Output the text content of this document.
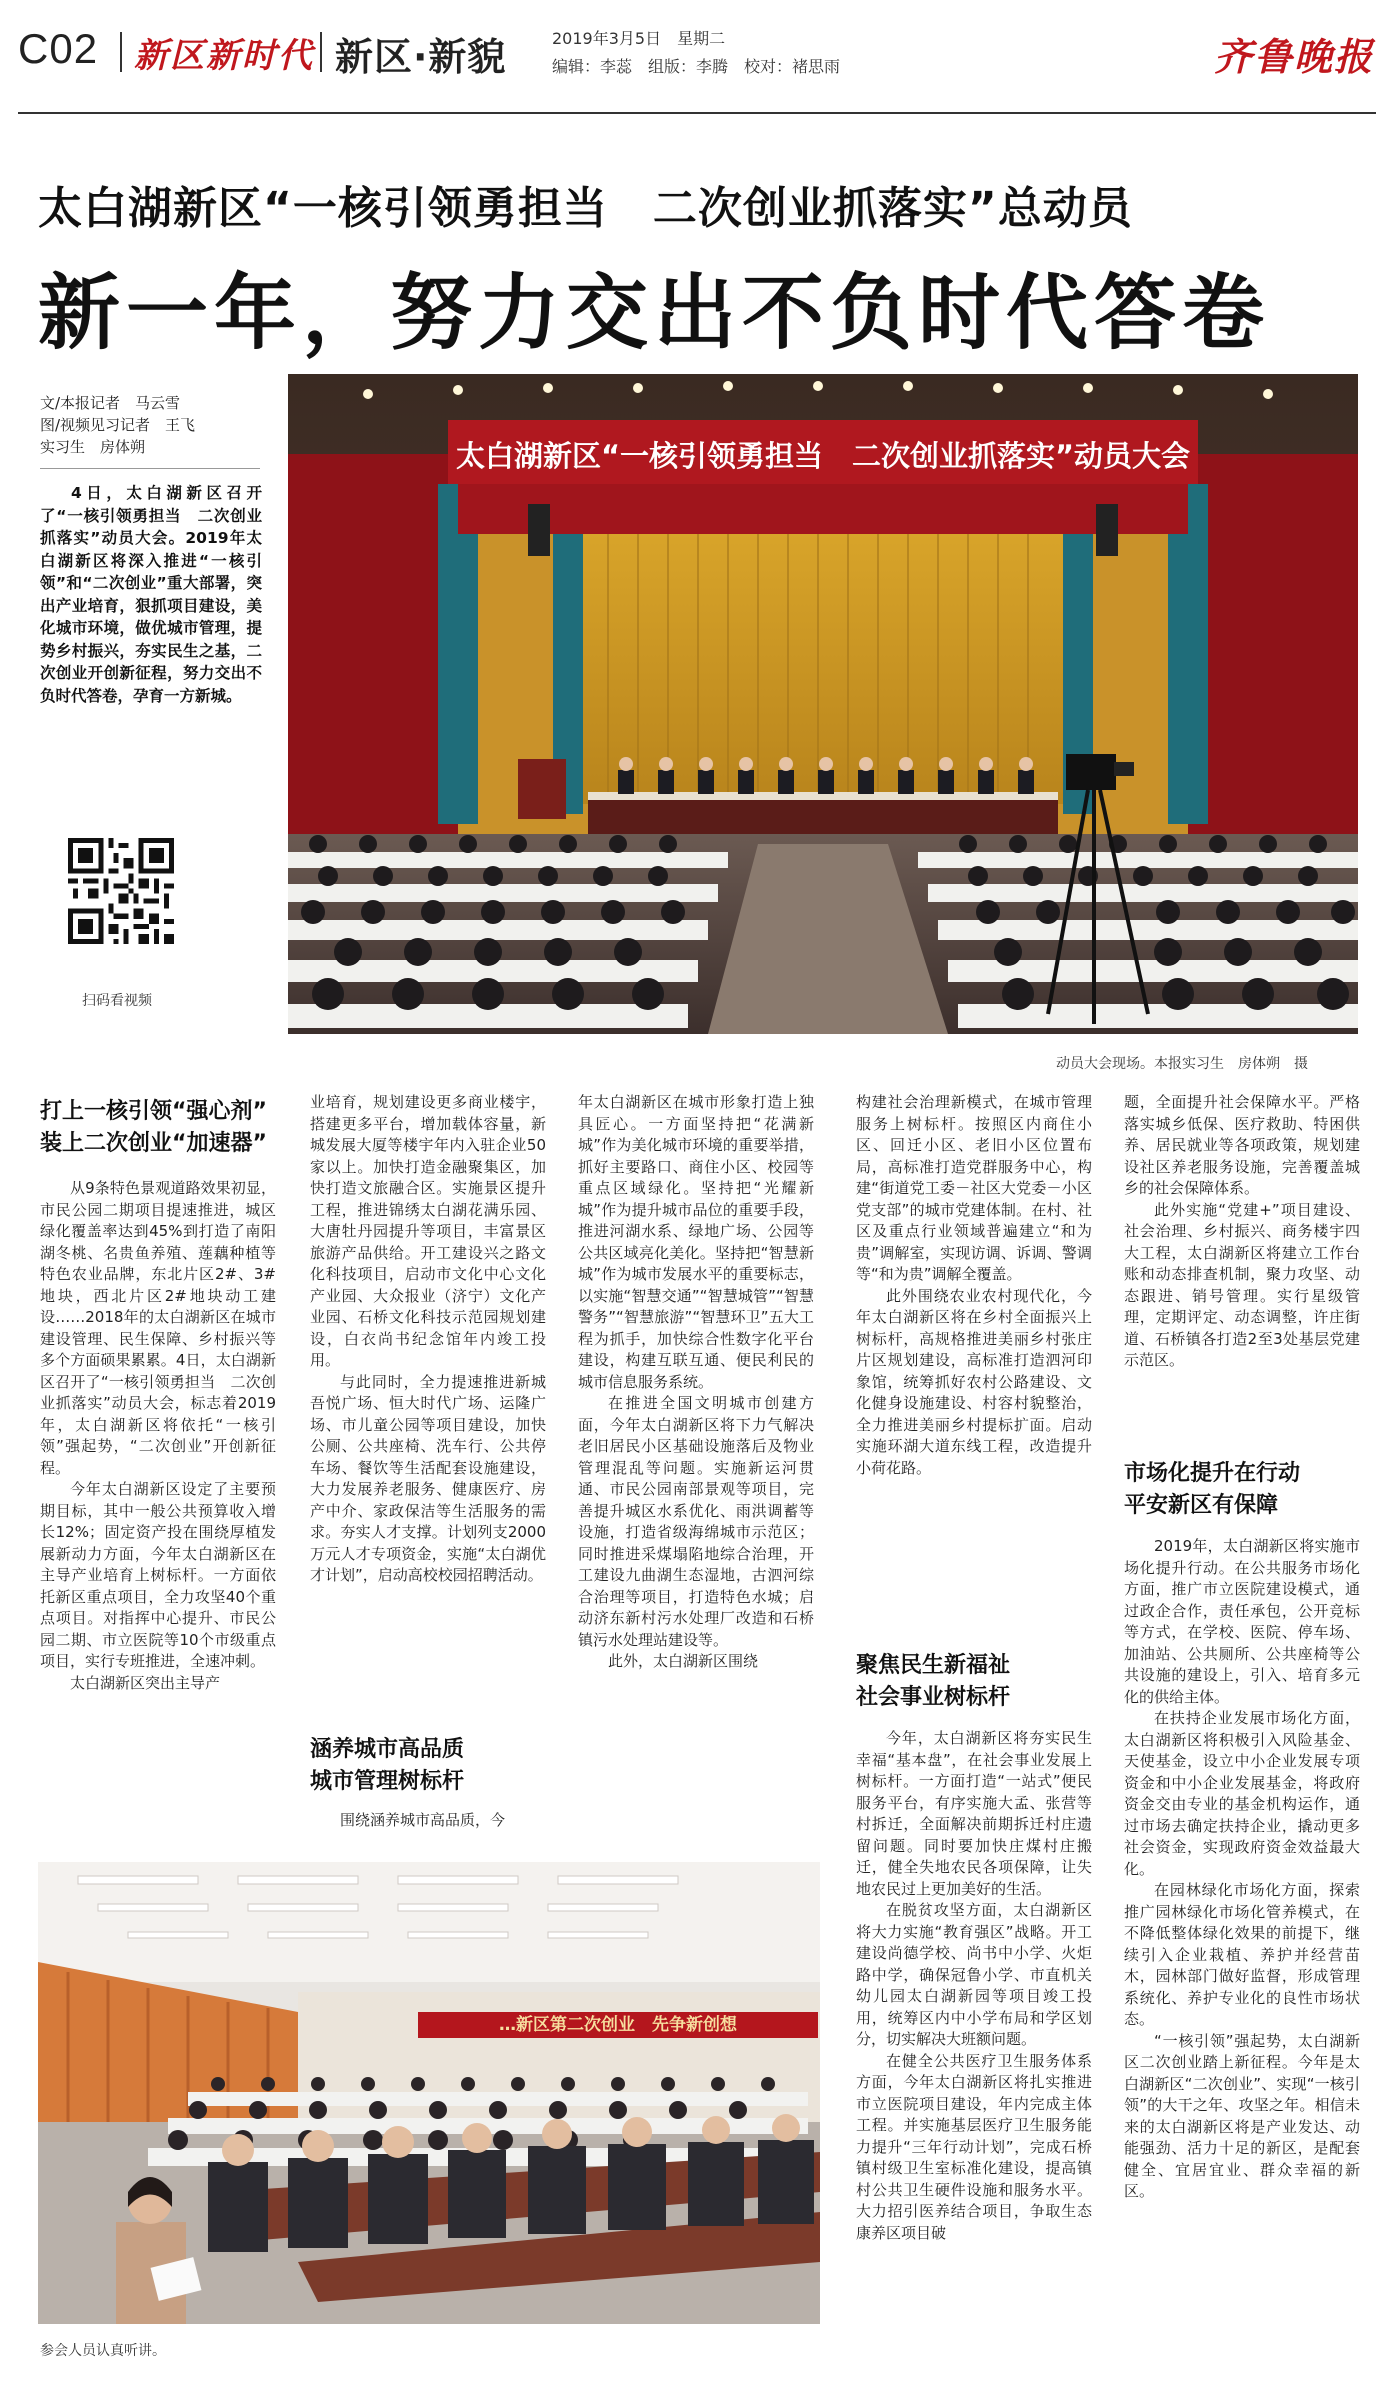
C02 新区新时代 新区·新貌	2019年3月5日　星期二
编辑：李蕊　组版：李腾　校对：褚思雨	齐鲁晚报
太白湖新区“一核引领勇担当　二次创业抓落实”总动员
新一年，努力交出不负时代答卷
文/本报记者　马云雪
图/视频见习记者　王飞
实习生　房体朔
4日，太白湖新区召开了“一核引领勇担当　二次创业抓落实”动员大会。2019年太白湖新区将深入推进“一核引领”和“二次创业”重大部署，突出产业培育，狠抓项目建设，美化城市环境，做优城市管理，提势乡村振兴，夯实民生之基，二次创业开创新征程，努力交出不负时代答卷，孕育一方新城。
扫码看视频
太白湖新区“一核引领勇担当　二次创业抓落实”动员大会
动员大会现场。本报实习生　房体朔　摄
打上一核引领“强心剂”
装上二次创业“加速器”

从9条特色景观道路效果初显，市民公园二期项目提速推进，城区绿化覆盖率达到45%到打造了南阳湖冬桃、名贵鱼养殖、莲藕种植等特色农业品牌，东北片区2#、3#地块，西北片区2#地块动工建设……2018年的太白湖新区在城市建设管理、民生保障、乡村振兴等多个方面硕果累累。4日，太白湖新区召开了“一核引领勇担当　二次创业抓落实”动员大会，标志着2019年，太白湖新区将依托“一核引领”强起势，“二次创业”开创新征程。

今年太白湖新区设定了主要预期目标，其中一般公共预算收入增长12%；固定资产投在围绕厚植发展新动力方面，今年太白湖新区在主导产业培育上树标杆。一方面依托新区重点项目，全力攻坚40个重点项目。对指挥中心提升、市民公园二期、市立医院等10个市级重点项目，实行专班推进，全速冲刺。

太白湖新区突出主导产

业培育，规划建设更多商业楼宇，搭建更多平台，增加载体容量，新城发展大厦等楼宇年内入驻企业50家以上。加快打造金融聚集区，加快打造文旅融合区。实施景区提升工程，推进锦绣太白湖花满乐园、大唐牡丹园提升等项目，丰富景区旅游产品供给。开工建设兴之路文化科技项目，启动市文化中心文化产业园、大众报业（济宁）文化产业园、石桥文化科技示范园规划建设，白衣尚书纪念馆年内竣工投用。

与此同时，全力提速推进新城吾悦广场、恒大时代广场、运隆广场、市儿童公园等项目建设，加快公厕、公共座椅、洗车行、公共停车场、餐饮等生活配套设施建设，大力发展养老服务、健康医疗、房产中介、家政保洁等生活服务的需求。夯实人才支撑。计划列支2000万元人才专项资金，实施“太白湖优才计划”，启动高校校园招聘活动。

涵养城市高品质
城市管理树标杆

围绕涵养城市高品质，今

年太白湖新区在城市形象打造上独具匠心。一方面坚持把“花满新城”作为美化城市环境的重要举措，抓好主要路口、商住小区、校园等重点区域绿化。坚持把“光耀新城”作为提升城市品位的重要手段，推进河湖水系、绿地广场、公园等公共区域亮化美化。坚持把“智慧新城”作为城市发展水平的重要标志，以实施“智慧交通”“智慧城管”“智慧警务”“智慧旅游”“智慧环卫”五大工程为抓手，加快综合性数字化平台建设，构建互联互通、便民利民的城市信息服务系统。

在推进全国文明城市创建方面，今年太白湖新区将下力气解决老旧居民小区基础设施落后及物业管理混乱等问题。实施新运河贯通、市民公园南部景观等项目，完善提升城区水系优化、雨洪调蓄等设施，打造省级海绵城市示范区；同时推进采煤塌陷地综合治理，开工建设九曲湖生态湿地，古泗河综合治理等项目，打造特色水城；启动济东新村污水处理厂改造和石桥镇污水处理站建设等。

此外，太白湖新区围绕

…新区第二次创业　先争新创想
参会人员认真听讲。

构建社会治理新模式，在城市管理服务上树标杆。按照区内商住小区、回迁小区、老旧小区位置布局，高标准打造党群服务中心，构建“街道党工委－社区大党委－小区党支部”的城市党建体制。在村、社区及重点行业领域普遍建立“和为贵”调解室，实现访调、诉调、警调等“和为贵”调解全覆盖。

此外围绕农业农村现代化，今年太白湖新区将在乡村全面振兴上树标杆，高规格推进美丽乡村张庄片区规划建设，高标准打造泗河印象馆，统筹抓好农村公路建设、文化健身设施建设、村容村貌整治，全力推进美丽乡村提标扩面。启动实施环湖大道东线工程，改造提升小荷花路。

聚焦民生新福祉
社会事业树标杆

今年，太白湖新区将夯实民生幸福“基本盘”，在社会事业发展上树标杆。一方面打造“一站式”便民服务平台，有序实施大孟、张营等村拆迁，全面解决前期拆迁村庄遗留问题。同时要加快庄煤村庄搬迁，健全失地农民各项保障，让失地农民过上更加美好的生活。

在脱贫攻坚方面，太白湖新区将大力实施“教育强区”战略。开工建设尚德学校、尚书中小学、火炬路中学，确保冠鲁小学、市直机关幼儿园太白湖新园等项目竣工投用，统筹区内中小学布局和学区划分，切实解决大班额问题。

在健全公共医疗卫生服务体系方面，今年太白湖新区将扎实推进市立医院项目建设，年内完成主体工程。并实施基层医疗卫生服务能力提升“三年行动计划”，完成石桥镇村级卫生室标准化建设，提高镇村公共卫生硬件设施和服务水平。大力招引医养结合项目，争取生态康养区项目破

题，全面提升社会保障水平。严格落实城乡低保、医疗救助、特困供养、居民就业等各项政策，规划建设社区养老服务设施，完善覆盖城乡的社会保障体系。

此外实施“党建+”项目建设、社会治理、乡村振兴、商务楼宇四大工程，太白湖新区将建立工作台账和动态排查机制，聚力攻坚、动态跟进、销号管理。实行星级管理，定期评定、动态调整，许庄街道、石桥镇各打造2至3处基层党建示范区。

市场化提升在行动
平安新区有保障

2019年，太白湖新区将实施市场化提升行动。在公共服务市场化方面，推广市立医院建设模式，通过政企合作，责任承包，公开竞标等方式，在学校、医院、停车场、加油站、公共厕所、公共座椅等公共设施的建设上，引入、培育多元化的供给主体。

在扶持企业发展市场化方面，太白湖新区将积极引入风险基金、天使基金，设立中小企业发展专项资金和中小企业发展基金，将政府资金交由专业的基金机构运作，通过市场去确定扶持企业，撬动更多社会资金，实现政府资金效益最大化。

在园林绿化市场化方面，探索推广园林绿化市场化管养模式，在不降低整体绿化效果的前提下，继续引入企业栽植、养护并经营苗木，园林部门做好监督，形成管理系统化、养护专业化的良性市场状态。

“一核引领”强起势，太白湖新区二次创业踏上新征程。今年是太白湖新区“二次创业”、实现“一核引领”的大干之年、攻坚之年。相信未来的太白湖新区将是产业发达、动能强劲、活力十足的新区，是配套健全、宜居宜业、群众幸福的新区。
